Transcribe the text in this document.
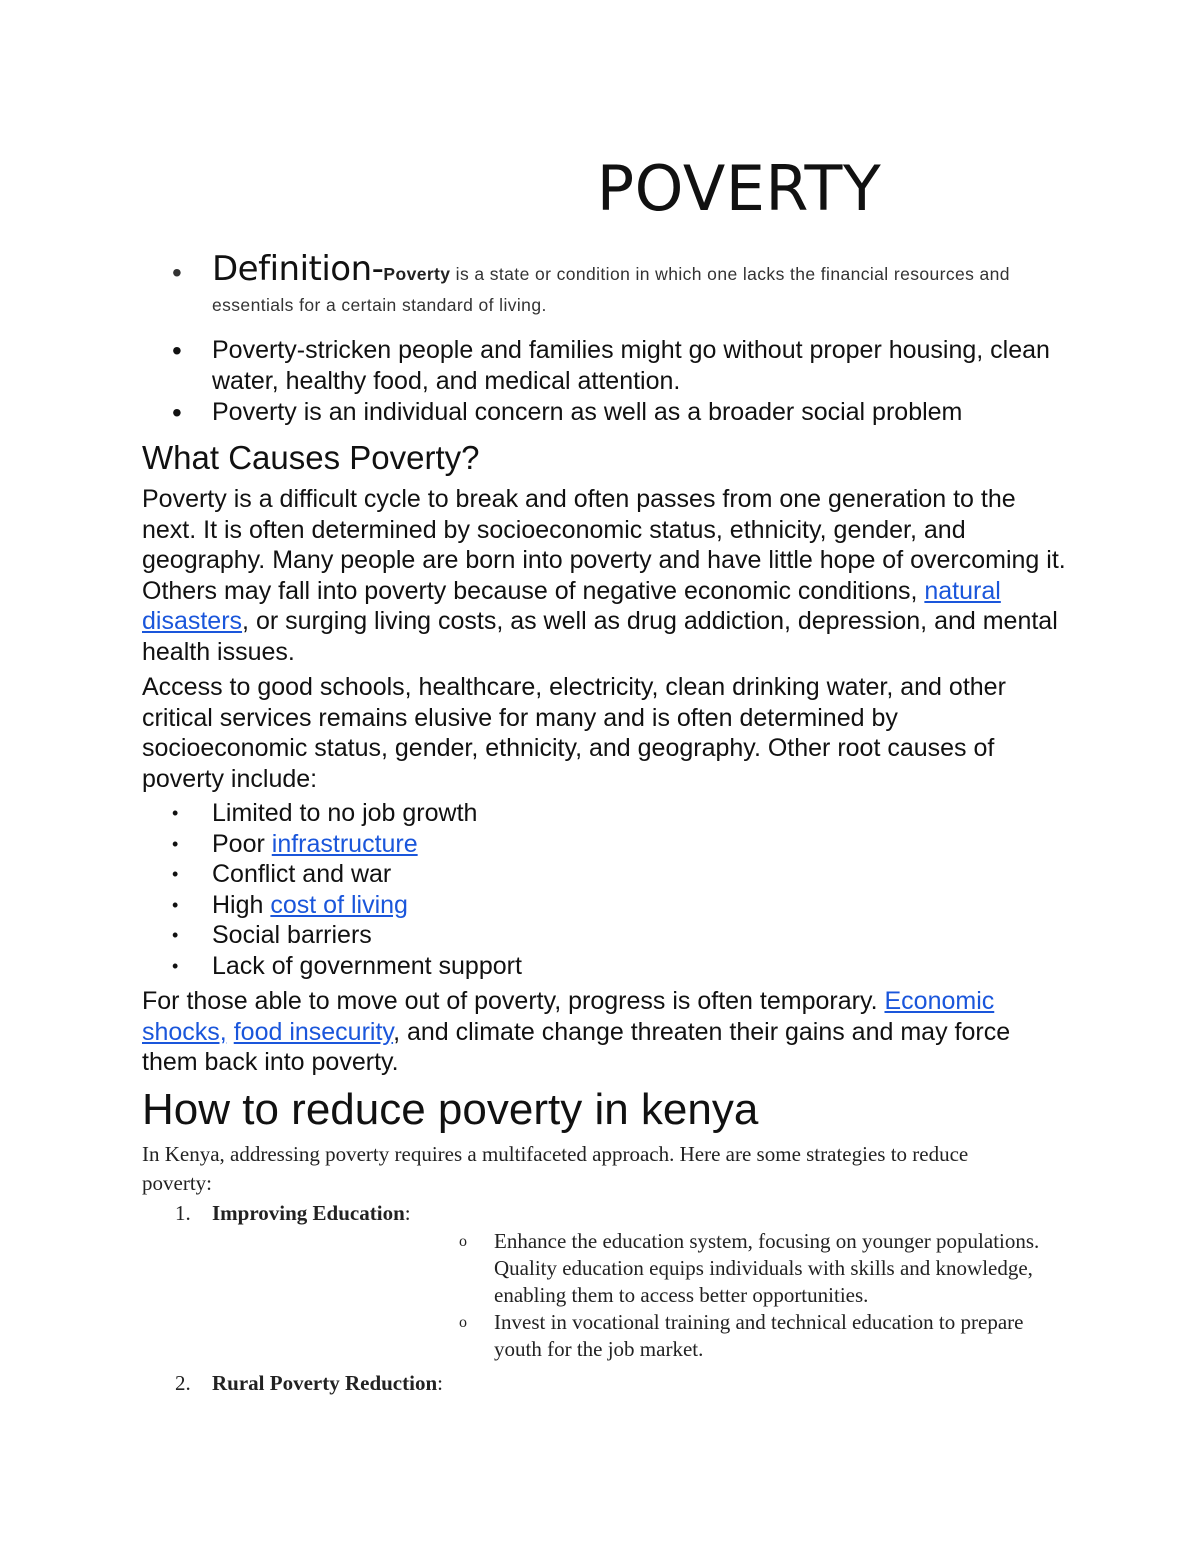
POVERTY
• Definition-Poverty is a state or condition in which one lacks the financial resources and essentials for a certain standard of living.
• Poverty-stricken people and families might go without proper housing, clean water, healthy food, and medical attention.
• Poverty is an individual concern as well as a broader social problem
What Causes Poverty?
Poverty is a difficult cycle to break and often passes from one generation to the next. It is often determined by socioeconomic status, ethnicity, gender, and geography. Many people are born into poverty and have little hope of overcoming it. Others may fall into poverty because of negative economic conditions, natural disasters, or surging living costs, as well as drug addiction, depression, and mental health issues.
Access to good schools, healthcare, electricity, clean drinking water, and other critical services remains elusive for many and is often determined by socioeconomic status, gender, ethnicity, and geography. Other root causes of poverty include:
• Limited to no job growth
• Poor infrastructure
• Conflict and war
• High cost of living
• Social barriers
• Lack of government support
For those able to move out of poverty, progress is often temporary. Economic shocks, food insecurity, and climate change threaten their gains and may force them back into poverty.
How to reduce poverty in kenya
In Kenya, addressing poverty requires a multifaceted approach. Here are some strategies to reduce poverty:
1. Improving Education:
o Enhance the education system, focusing on younger populations. Quality education equips individuals with skills and knowledge, enabling them to access better opportunities.
o Invest in vocational training and technical education to prepare youth for the job market.
2. Rural Poverty Reduction:
